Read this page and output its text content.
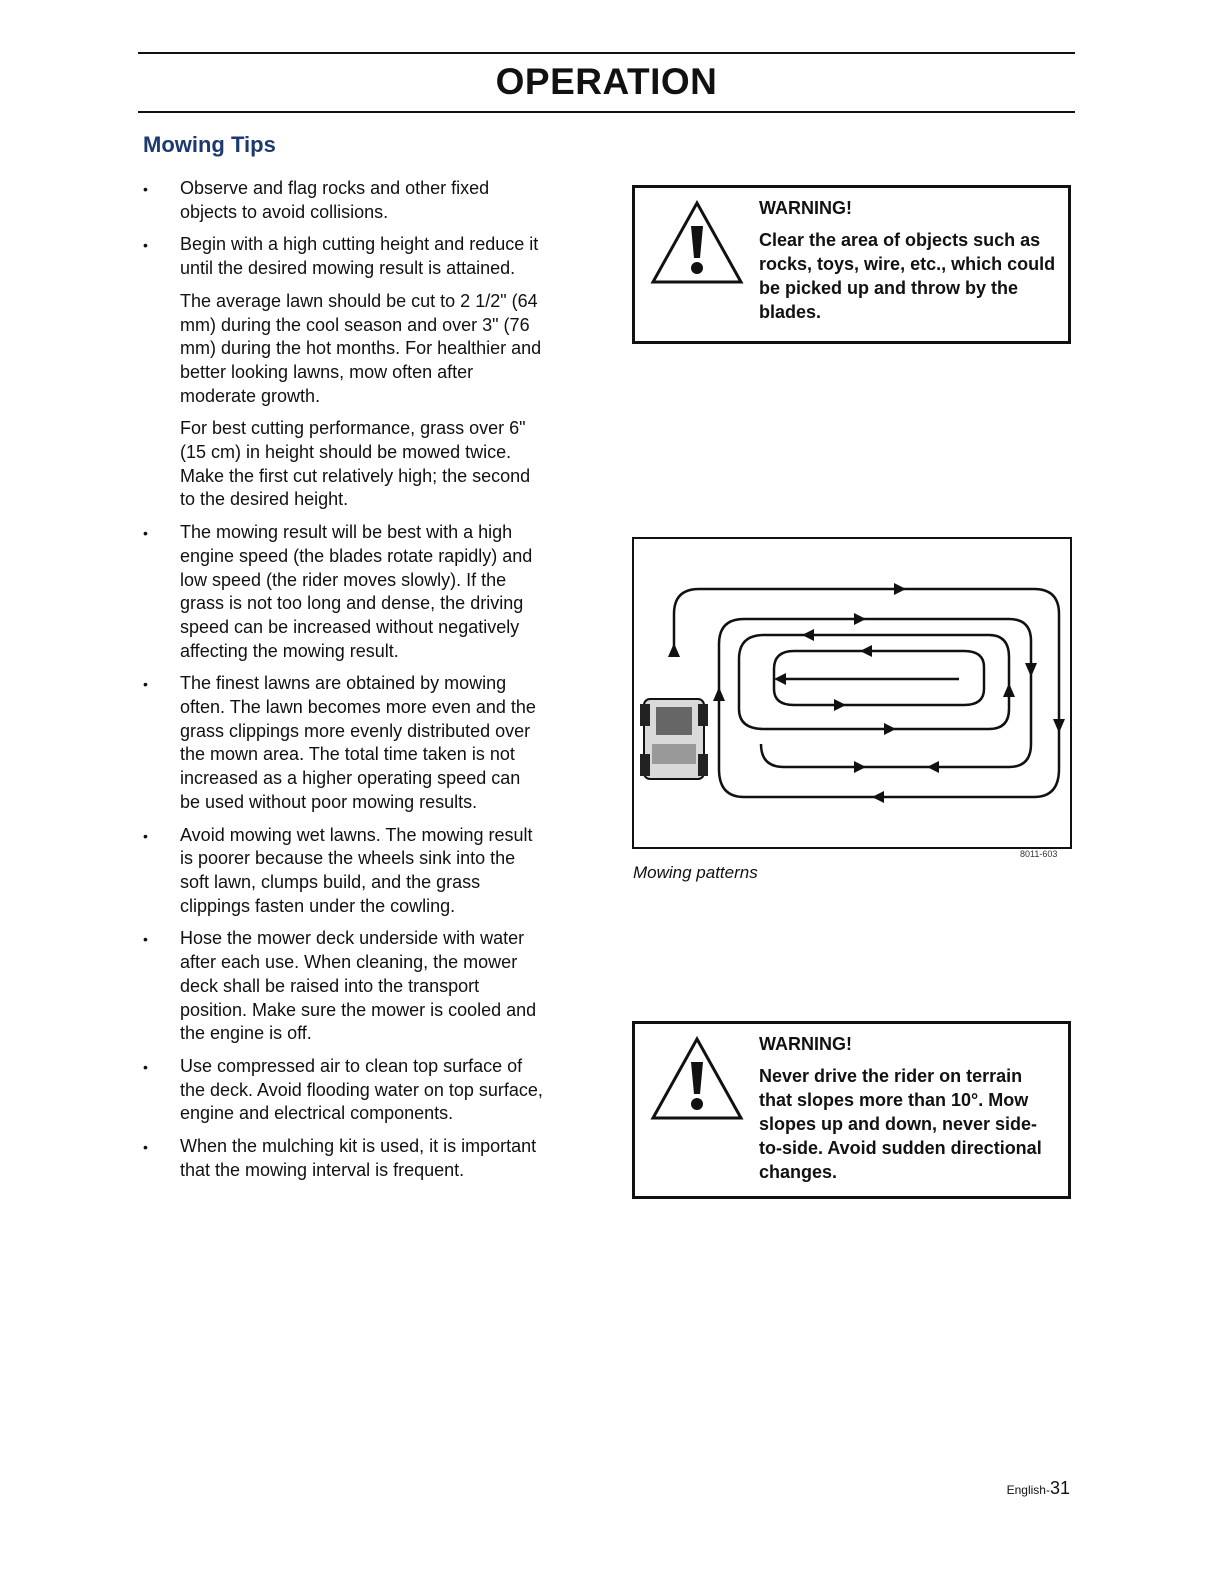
OPERATION
Mowing Tips
• Observe and flag rocks and other fixed objects to avoid collisions.

• Begin with a high cutting height and reduce it until the desired mowing result is attained.

The average lawn should be cut to 2 1/2" (64 mm) during the cool season and over 3" (76 mm) during the hot months. For healthier and better looking lawns, mow often after moderate growth.

For best cutting performance, grass over 6" (15 cm) in height should be mowed twice. Make the first cut relatively high; the second to the desired height.

• The mowing result will be best with a high engine speed (the blades rotate rapidly) and low speed (the rider moves slowly). If the grass is not too long and dense, the driving speed can be increased without negatively affecting the mowing result.

• The finest lawns are obtained by mowing often. The lawn becomes more even and the grass clippings more evenly distributed over the mown area. The total time taken is not increased as a higher operating speed can be used without poor mowing results.

• Avoid mowing wet lawns. The mowing result is poorer because the wheels sink into the soft lawn, clumps build, and the grass clippings fasten under the cowling.

• Hose the mower deck underside with water after each use. When cleaning, the mower deck shall be raised into the transport position. Make sure the mower is cooled and the engine is off.

• Use compressed air to clean top surface of the deck. Avoid flooding water on top surface, engine and electrical components.

• When the mulching kit is used, it is important that the mowing interval is frequent.

WARNING!

Clear the area of objects such as rocks, toys, wire, etc., which could be picked up and throw by the blades.

8011-603

Mowing patterns

WARNING!

Never drive the rider on terrain that slopes more than 10°. Mow slopes up and down, never side-to-side. Avoid sudden directional changes.

English-31
